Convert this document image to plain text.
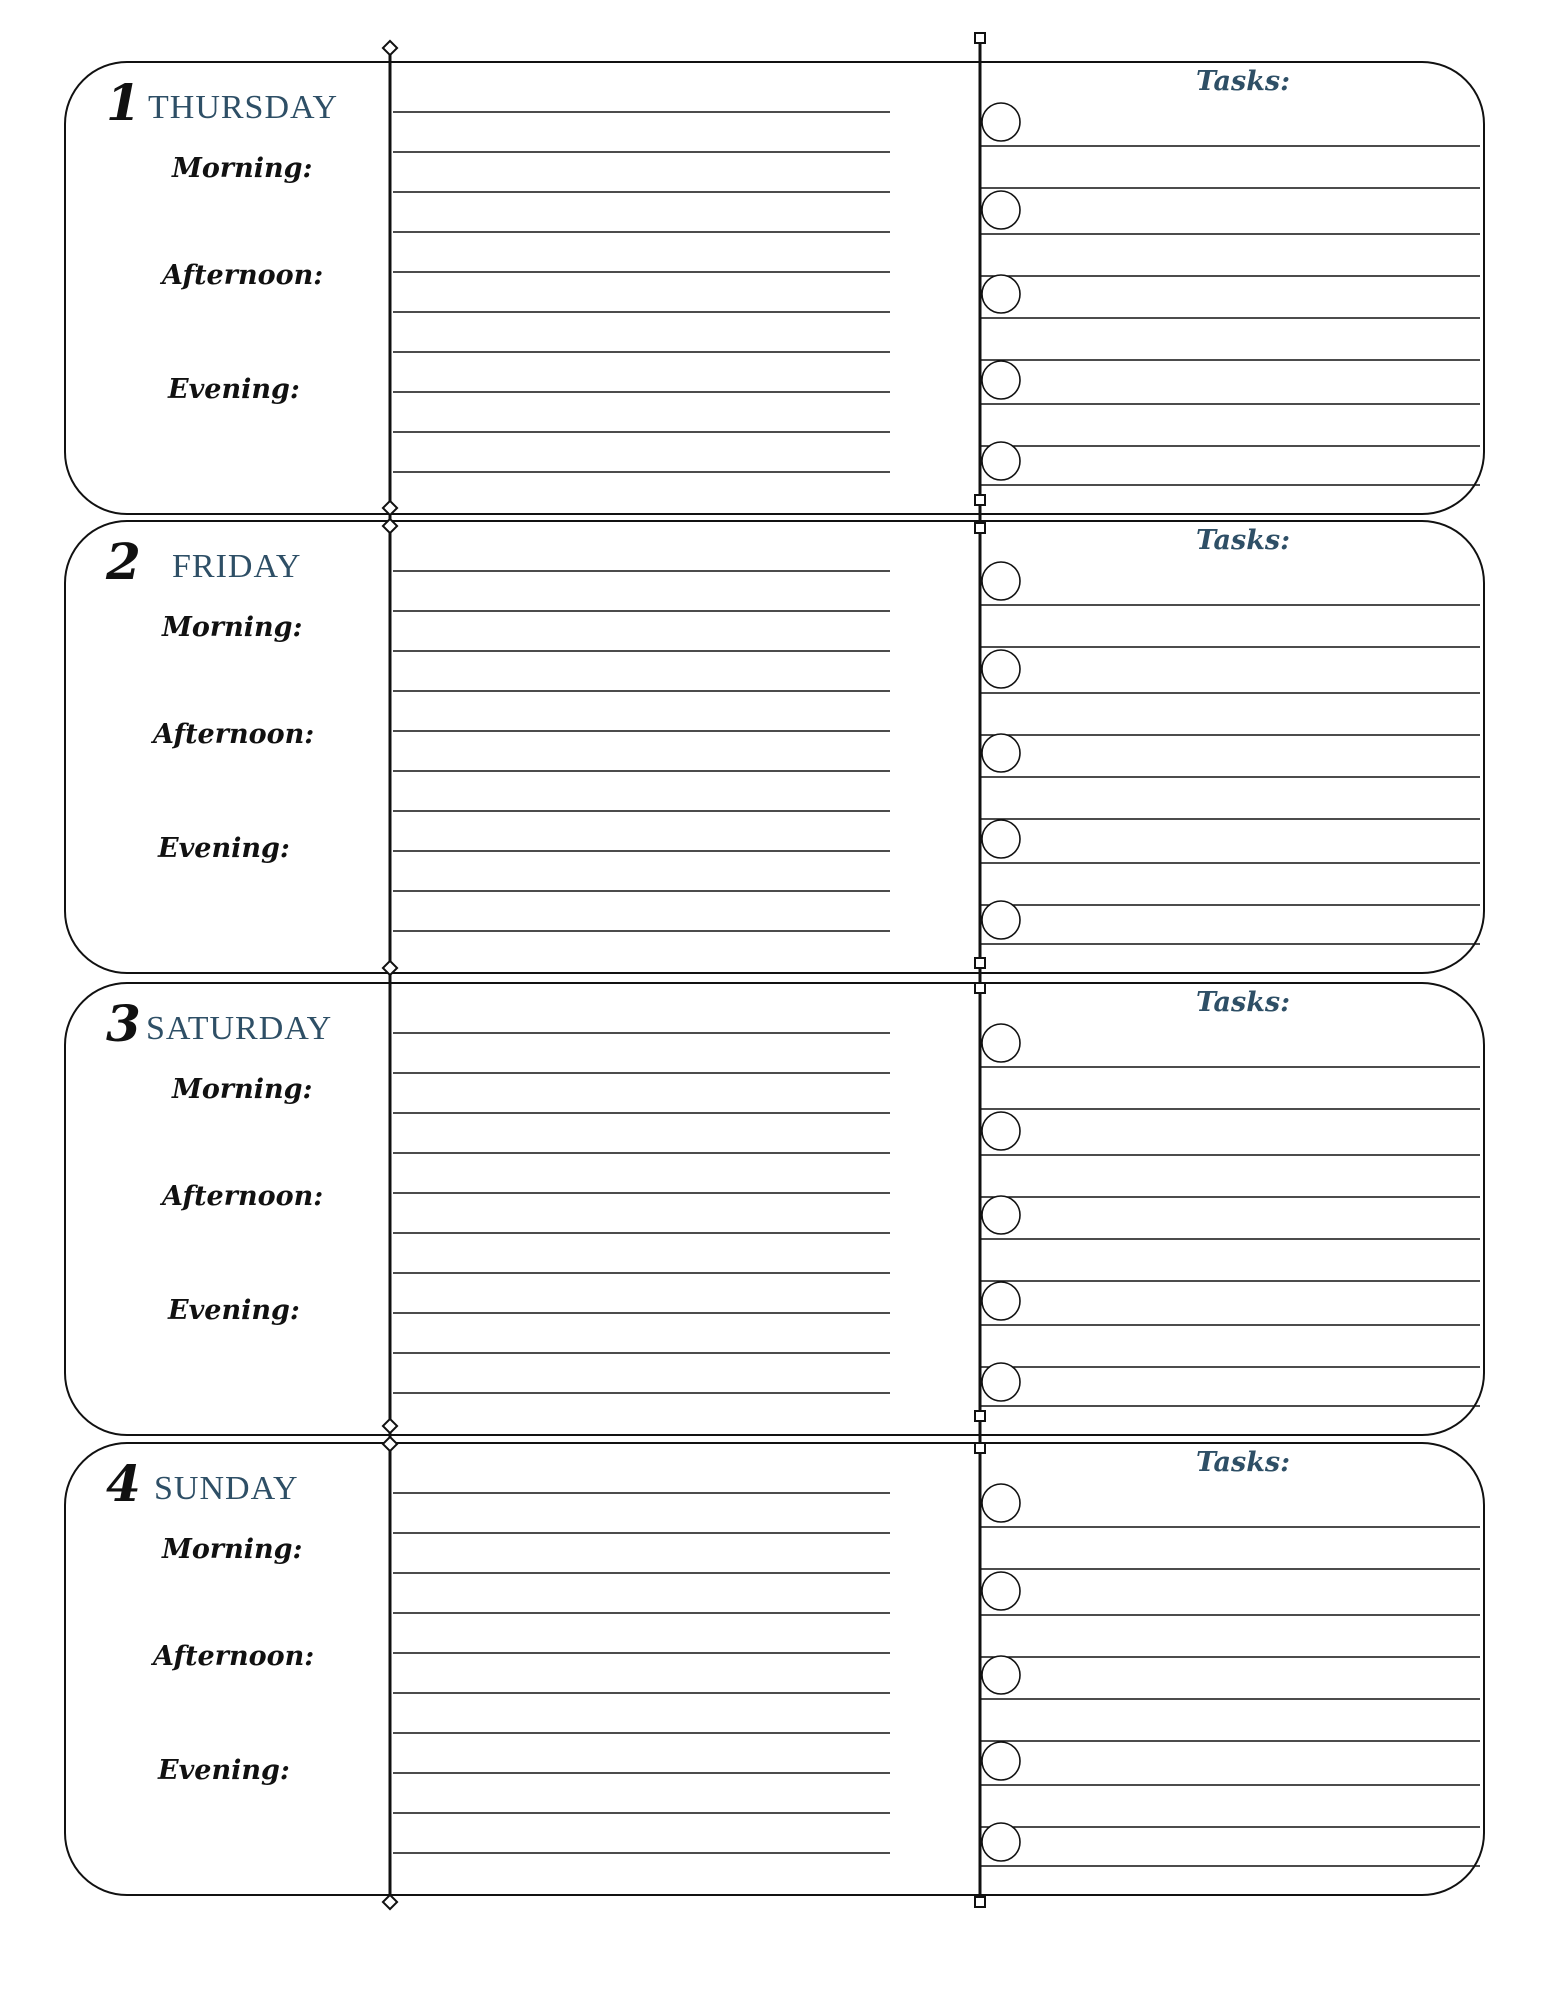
1 THURSDAY
Morning:
Afternoon:
Evening:
Tasks:
2 FRIDAY
Morning:
Afternoon:
Evening:
Tasks:
3 SATURDAY
Morning:
Afternoon:
Evening:
Tasks:
4 SUNDAY
Morning:
Afternoon:
Evening:
Tasks:
